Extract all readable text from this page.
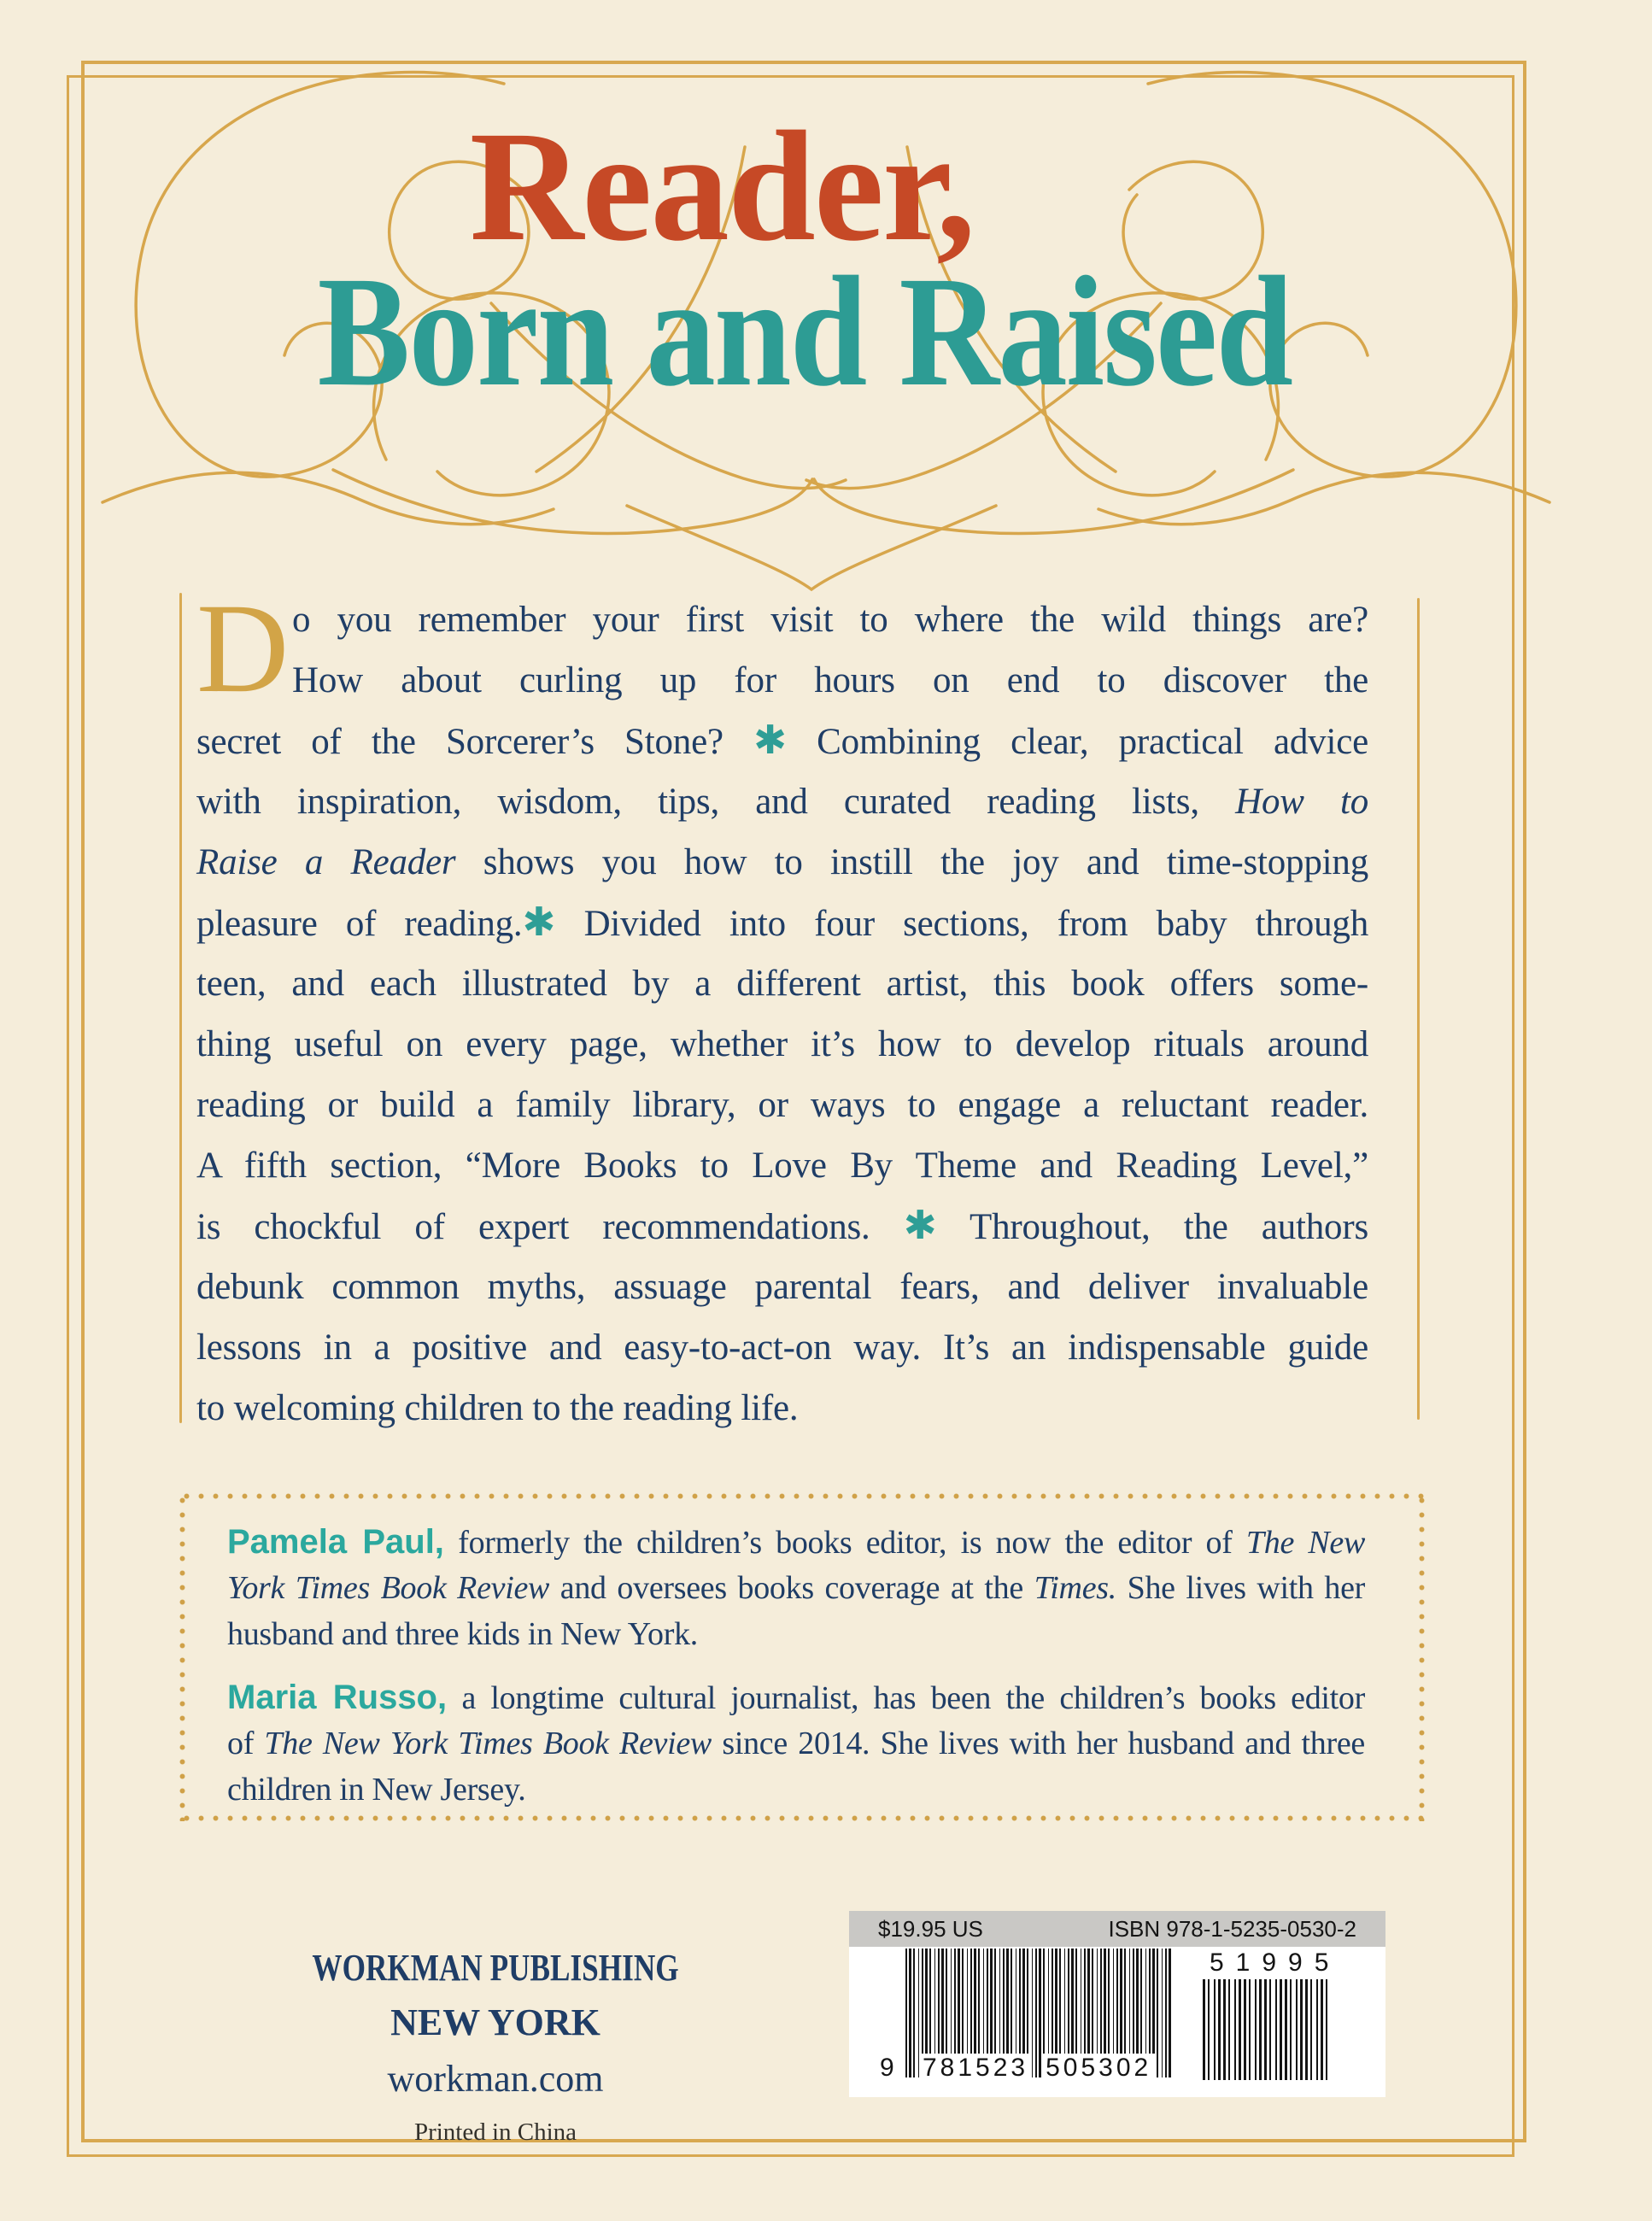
Reader,
Born and Raised
D o you remember your first visit to where the wild things are?
How about curling up for hours on end to discover the
secret of the Sorcerer’s Stone? ✱ Combining clear, practical advice
with inspiration, wisdom, tips, and curated reading lists, How to
Raise a Reader shows you how to instill the joy and time-stopping
pleasure of reading.✱ Divided into four sections, from baby through
teen, and each illustrated by a different artist, this book offers some-
thing useful on every page, whether it’s how to develop rituals around
reading or build a family library, or ways to engage a reluctant reader.
A fifth section, “More Books to Love By Theme and Reading Level,”
is chockful of expert recommendations. ✱ Throughout, the authors
debunk common myths, assuage parental fears, and deliver invaluable
lessons in a positive and easy-to-act-on way. It’s an indispensable guide
to welcoming children to the reading life.
Pamela Paul, formerly the children’s books editor, is now the editor of The New
York Times Book Review and oversees books coverage at the Times. She lives with her
husband and three kids in New York.
Maria Russo, a longtime cultural journalist, has been the children’s books editor
of The New York Times Book Review since 2014. She lives with her husband and three
children in New Jersey.
WORKMAN PUBLISHING
NEW YORK
workman.com
Printed in China
$19.95 US	ISBN 978-1-5235-0530-2
9	781523 505302
51995
